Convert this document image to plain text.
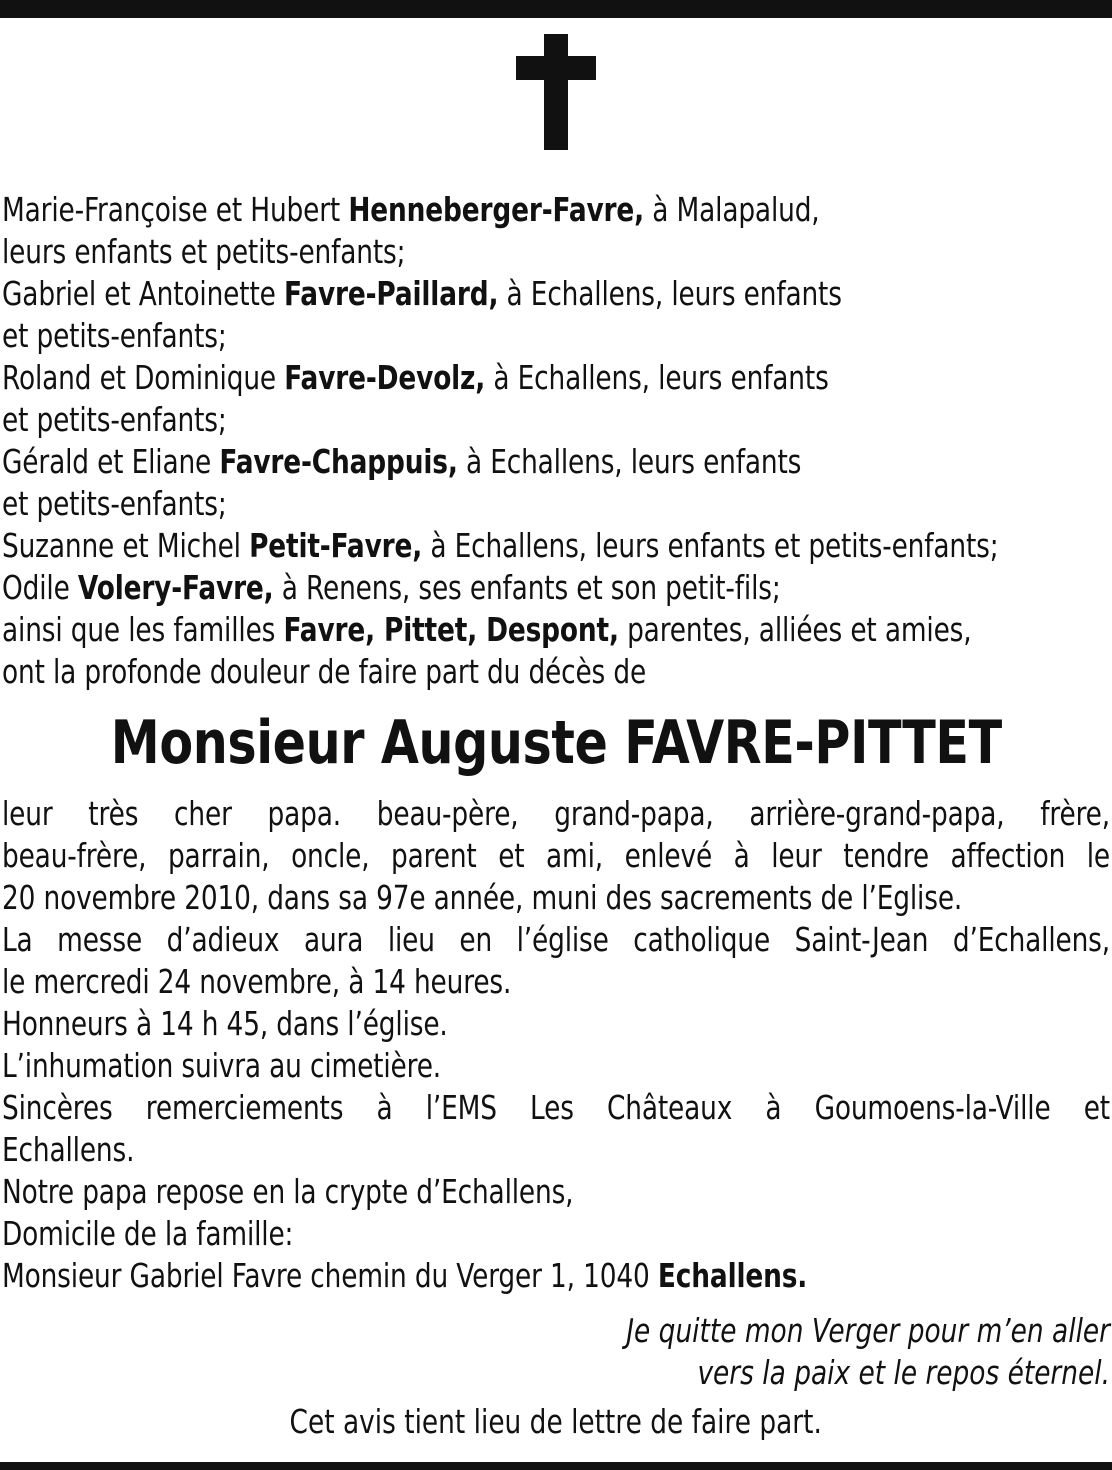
Marie-Françoise et Hubert Henneberger-Favre, à Malapalud,
leurs enfants et petits-enfants;
Gabriel et Antoinette Favre-Paillard, à Echallens, leurs enfants
et petits-enfants;
Roland et Dominique Favre-Devolz, à Echallens, leurs enfants
et petits-enfants;
Gérald et Eliane Favre-Chappuis, à Echallens, leurs enfants
et petits-enfants;
Suzanne et Michel Petit-Favre, à Echallens, leurs enfants et petits-enfants;
Odile Volery-Favre, à Renens, ses enfants et son petit-fils;
ainsi que les familles Favre, Pittet, Despont, parentes, alliées et amies,
ont la profonde douleur de faire part du décès de
Monsieur Auguste FAVRE-PITTET
leur très cher papa. beau-père, grand-papa, arrière-grand-papa, frère,
beau-frère, parrain, oncle, parent et ami, enlevé à leur tendre affection le
20 novembre 2010, dans sa 97e année, muni des sacrements de l’Eglise.
La messe d’adieux aura lieu en l’église catholique Saint-Jean d’Echallens,
le mercredi 24 novembre, à 14 heures.
Honneurs à 14 h 45, dans l’église.
L’inhumation suivra au cimetière.
Sincères remerciements à l’EMS Les Châteaux à Goumoens-la-Ville et
Echallens.
Notre papa repose en la crypte d’Echallens,
Domicile de la famille:
Monsieur Gabriel Favre chemin du Verger 1, 1040 Echallens.
Je quitte mon Verger pour m’en aller
vers la paix et le repos éternel.
Cet avis tient lieu de lettre de faire part.
